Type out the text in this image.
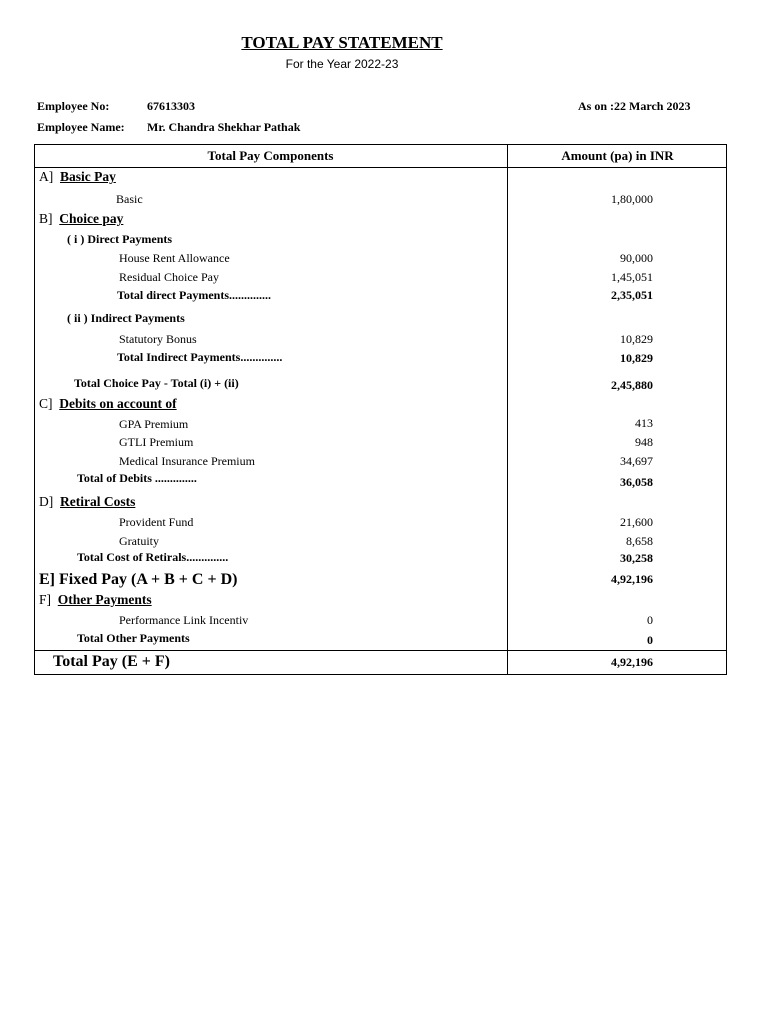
TOTAL PAY STATEMENT
For the Year 2022-23
Employee No:	67613303
Employee Name: Mr. Chandra Shekhar Pathak
As on :22 March 2023
Total Pay Components	Amount (pa) in INR
A] Basic Pay
Basic	1,80,000
B] Choice pay
( i ) Direct Payments
House Rent Allowance	90,000
Residual Choice Pay	1,45,051
Total direct Payments..............	2,35,051
( ii ) Indirect Payments
Statutory Bonus	10,829
Total Indirect Payments..............	10,829
Total Choice Pay - Total (i) + (ii)	2,45,880
C] Debits on account of
GPA Premium	413
GTLI Premium	948
Medical Insurance Premium	34,697
Total of Debits ..............	36,058
D] Retiral Costs
Provident Fund	21,600
Gratuity	8,658
Total Cost of Retirals..............	30,258
E] Fixed Pay (A + B + C + D)	4,92,196
F] Other Payments
Performance Link Incentiv	0
Total Other Payments	0
Total Pay (E + F)	4,92,196
